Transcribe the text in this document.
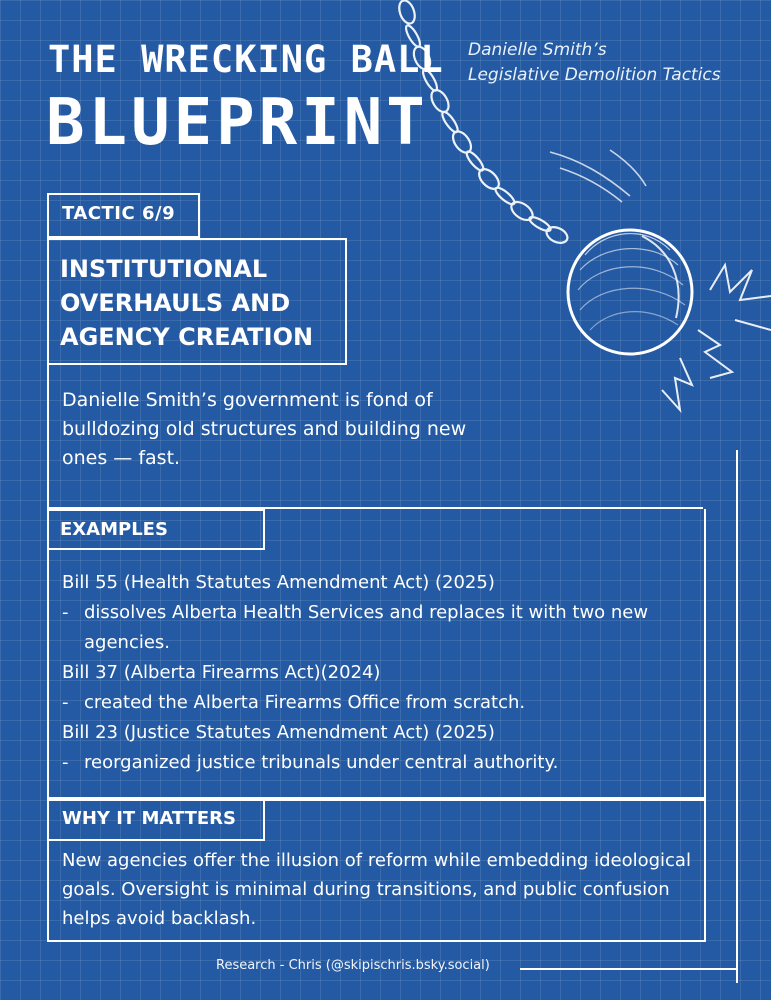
THE WRECKING BALL
BLUEPRINT
Danielle Smith’s
Legislative Demolition Tactics
TACTIC 6/9
INSTITUTIONAL OVERHAULS AND AGENCY CREATION

Danielle Smith’s government is fond of bulldozing old structures and building new ones — fast.

EXAMPLES
Bill 55 (Health Statutes Amendment Act) (2025)
- dissolves Alberta Health Services and replaces it with two new agencies.
Bill 37 (Alberta Firearms Act)(2024)
- created the Alberta Firearms Office from scratch.
Bill 23 (Justice Statutes Amendment Act) (2025)
- reorganized justice tribunals under central authority.
WHY IT MATTERS

New agencies offer the illusion of reform while embedding ideological goals. Oversight is minimal during transitions, and public confusion helps avoid backlash.

Research - Chris (@skipischris.bsky.social)
